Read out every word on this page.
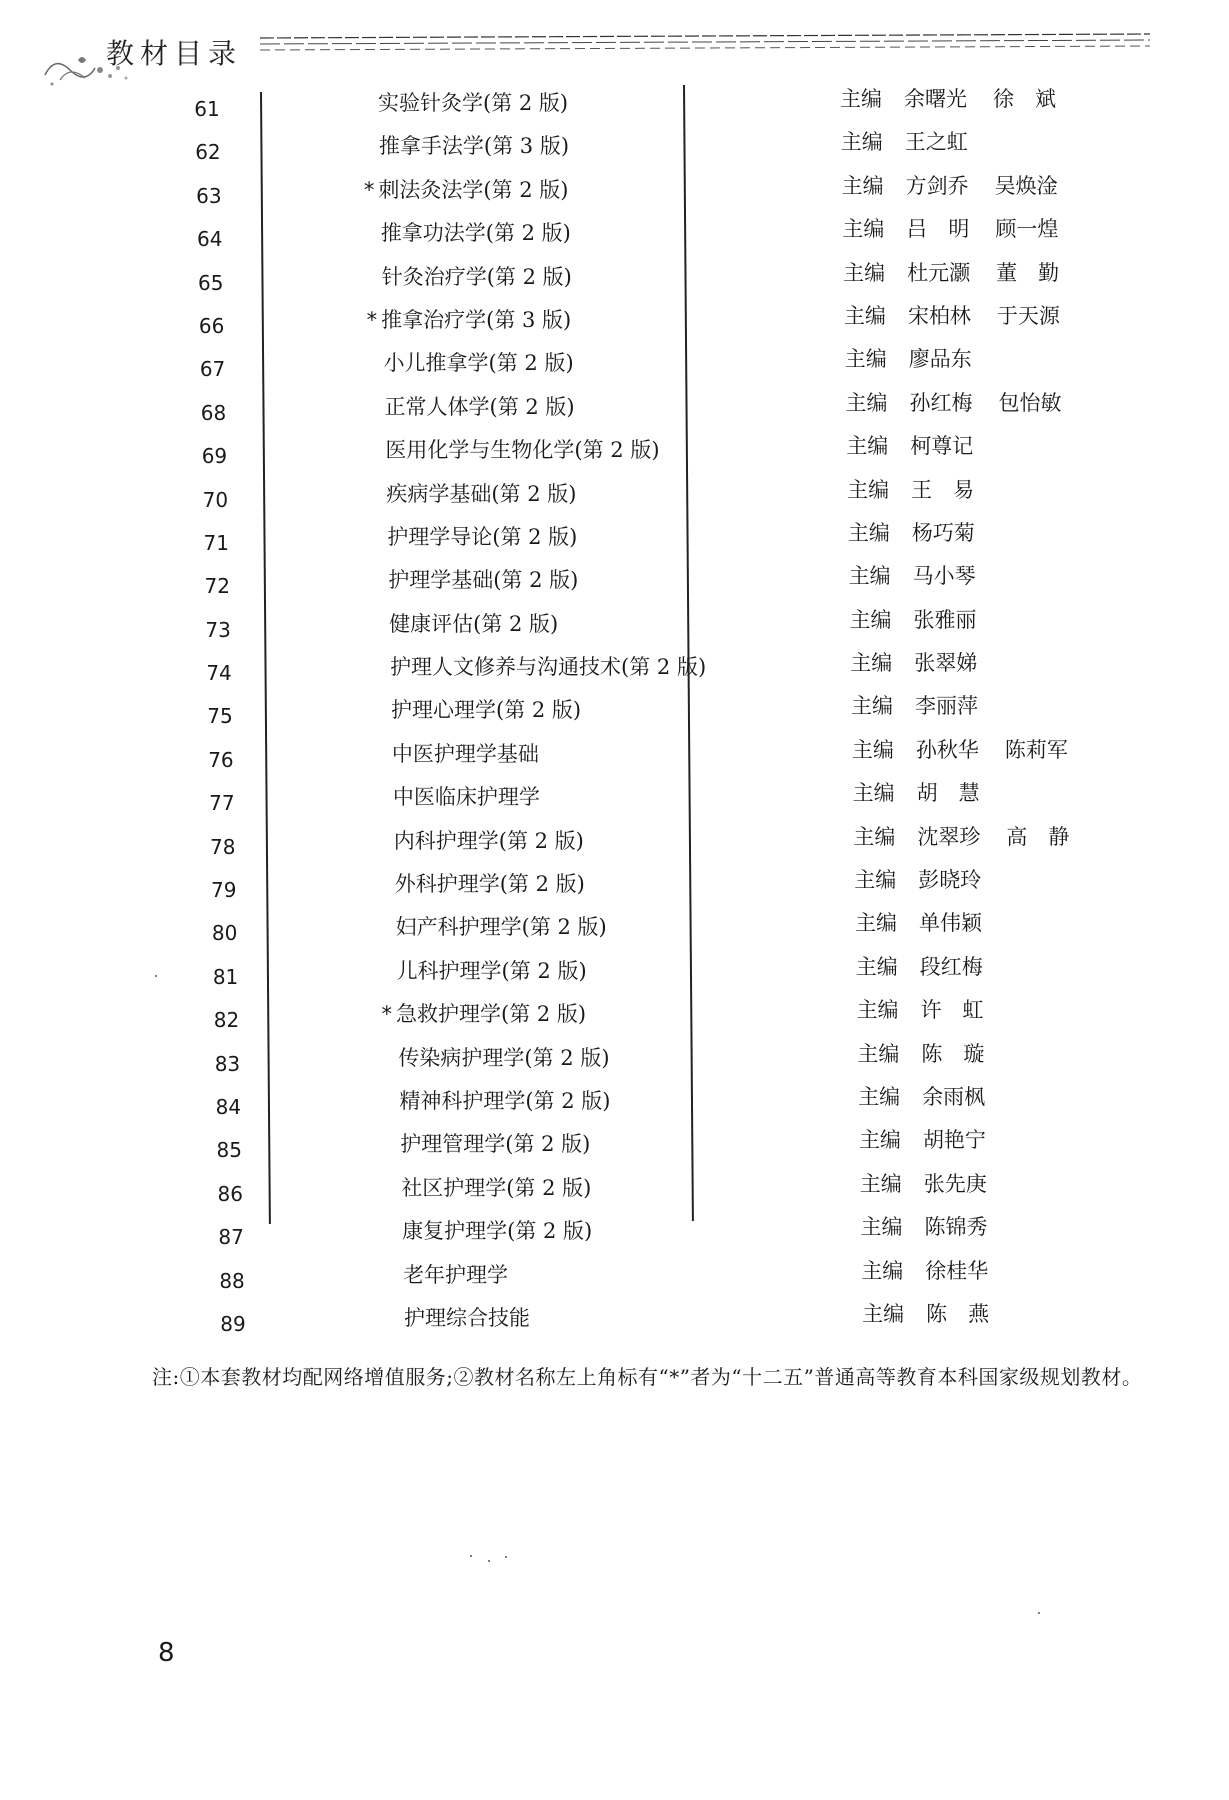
教材目录
61	实验针灸学(第 2 版)	主编 余曙光 徐　斌
62	推拿手法学(第 3 版)	主编 王之虹
63	* 刺法灸法学(第 2 版)	主编 方剑乔 吴焕淦
64	推拿功法学(第 2 版)	主编 吕　明 顾一煌
65	针灸治疗学(第 2 版)	主编 杜元灏 董　勤
66	* 推拿治疗学(第 3 版)	主编 宋柏林 于天源
67	小儿推拿学(第 2 版)	主编 廖品东
68	正常人体学(第 2 版)	主编 孙红梅 包怡敏
69	医用化学与生物化学(第 2 版)	主编 柯尊记
70	疾病学基础(第 2 版)	主编 王　易
71	护理学导论(第 2 版)	主编 杨巧菊
72	护理学基础(第 2 版)	主编 马小琴
73	健康评估(第 2 版)	主编 张雅丽
74	护理人文修养与沟通技术(第 2 版)	主编 张翠娣
75	护理心理学(第 2 版)	主编 李丽萍
76	中医护理学基础	主编 孙秋华 陈莉军
77	中医临床护理学	主编 胡　慧
78	内科护理学(第 2 版)	主编 沈翠珍 高　静
79	外科护理学(第 2 版)	主编 彭晓玲
80	妇产科护理学(第 2 版)	主编 单伟颖
81	儿科护理学(第 2 版)	主编 段红梅
82	* 急救护理学(第 2 版)	主编 许　虹
83	传染病护理学(第 2 版)	主编 陈　璇
84	精神科护理学(第 2 版)	主编 余雨枫
85	护理管理学(第 2 版)	主编 胡艳宁
86	社区护理学(第 2 版)	主编 张先庚
87	康复护理学(第 2 版)	主编 陈锦秀
88	老年护理学	主编 徐桂华
89	护理综合技能	主编 陈　燕
注:①本套教材均配网络增值服务;②教材名称左上角标有“*”者为“十二五”普通高等教育本科国家级规划教材。
8
